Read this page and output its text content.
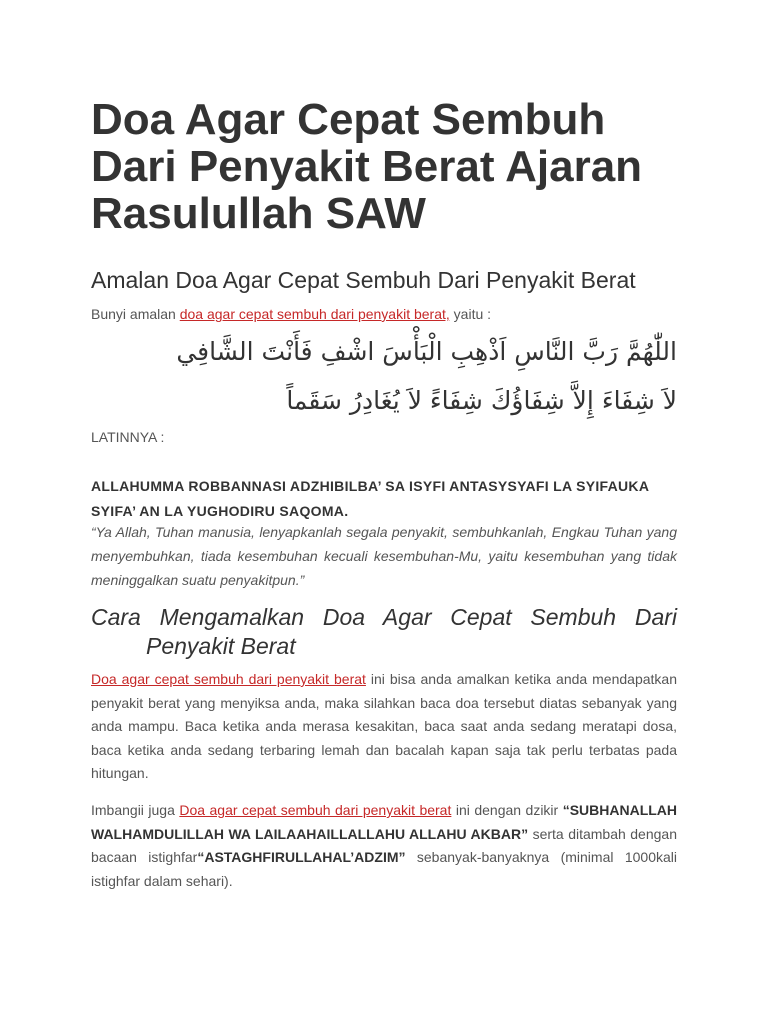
Doa Agar Cepat Sembuh Dari Penyakit Berat Ajaran Rasulullah SAW
Amalan Doa Agar Cepat Sembuh Dari Penyakit Berat

Bunyi amalan doa agar cepat sembuh dari penyakit berat, yaitu :

اللّٰهُمَّ رَبَّ النَّاسِ اَذْهِبِ الْبَأْسَ اشْفِ فَأَنْتَ الشَّافِي
لاَ شِفَاءَ إِلاَّ شِفَاؤُكَ شِفَاءً لاَ يُغَادِرُ سَقَماً

LATINNYA :

ALLAHUMMA ROBBANNASI ADZHIBILBA’ SA ISYFI ANTASYSYAFI LA SYIFAUKA SYIFA’ AN LA YUGHODIRU SAQOMA.

“Ya Allah, Tuhan manusia, lenyapkanlah segala penyakit, sembuhkanlah, Engkau Tuhan yang menyembuhkan, tiada kesembuhan kecuali kesembuhan-Mu, yaitu kesembuhan yang tidak meninggalkan suatu penyakitpun.”

Cara Mengamalkan Doa Agar Cepat Sembuh Dari
Penyakit Berat

Doa agar cepat sembuh dari penyakit berat ini bisa anda amalkan ketika anda mendapatkan penyakit berat yang menyiksa anda, maka silahkan baca doa tersebut diatas sebanyak yang anda mampu. Baca ketika anda merasa kesakitan, baca saat anda sedang meratapi dosa, baca ketika anda sedang terbaring lemah dan bacalah kapan saja tak perlu terbatas pada hitungan.

Imbangii juga Doa agar cepat sembuh dari penyakit berat ini dengan dzikir “SUBHANALLAH WALHAMDULILLAH WA LAILAAHAILLALLAHU ALLAHU AKBAR” serta ditambah dengan bacaan istighfar“ASTAGHFIRULLAHAL’ADZIM” sebanyak-banyaknya (minimal 1000kali istighfar dalam sehari).
